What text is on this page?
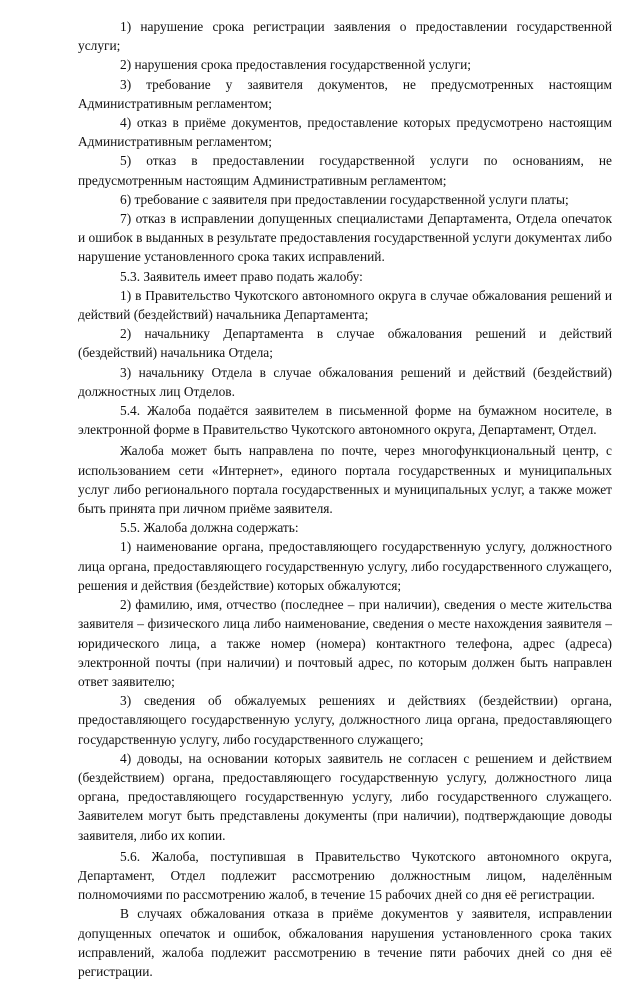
1) нарушение срока регистрации заявления о предоставлении государственной услуги;

2) нарушения срока предоставления государственной услуги;

3) требование у заявителя документов, не предусмотренных настоящим Административным регламентом;

4) отказ в приёме документов, предоставление которых предусмотрено настоящим Административным регламентом;

5) отказ в предоставлении государственной услуги по основаниям, не предусмотренным настоящим Административным регламентом;

6) требование с заявителя при предоставлении государственной услуги платы;

7) отказ в исправлении допущенных специалистами Департамента, Отдела опечаток и ошибок в выданных в результате предоставления государственной услуги документах либо нарушение установленного срока таких исправлений.

5.3. Заявитель имеет право подать жалобу:

1) в Правительство Чукотского автономного округа в случае обжалования решений и действий (бездействий) начальника Департамента;

2) начальнику Департамента в случае обжалования решений и действий (бездействий) начальника Отдела;

3) начальнику Отдела в случае обжалования решений и действий (бездействий) должностных лиц Отделов.

5.4. Жалоба подаётся заявителем в письменной форме на бумажном носителе, в электронной форме в Правительство Чукотского автономного округа, Департамент, Отдел.

Жалоба может быть направлена по почте, через многофункциональный центр, с использованием сети «Интернет», единого портала государственных и муниципальных услуг либо регионального портала государственных и муниципальных услуг, а также может быть принята при личном приёме заявителя.

5.5. Жалоба должна содержать:

1) наименование органа, предоставляющего государственную услугу, должностного лица органа, предоставляющего государственную услугу, либо государственного служащего, решения и действия (бездействие) которых обжалуются;

2) фамилию, имя, отчество (последнее – при наличии), сведения о месте жительства заявителя – физического лица либо наименование, сведения о месте нахождения заявителя – юридического лица, а также номер (номера) контактного телефона, адрес (адреса) электронной почты (при наличии) и почтовый адрес, по которым должен быть направлен ответ заявителю;

3) сведения об обжалуемых решениях и действиях (бездействии) органа, предоставляющего государственную услугу, должностного лица органа, предоставляющего государственную услугу, либо государственного служащего;

4) доводы, на основании которых заявитель не согласен с решением и действием (бездействием) органа, предоставляющего государственную услугу, должностного лица органа, предоставляющего государственную услугу, либо государственного служащего. Заявителем могут быть представлены документы (при наличии), подтверждающие доводы заявителя, либо их копии.

5.6. Жалоба, поступившая в Правительство Чукотского автономного округа, Департамент, Отдел подлежит рассмотрению должностным лицом, наделённым полномочиями по рассмотрению жалоб, в течение 15 рабочих дней со дня её регистрации.

В случаях обжалования отказа в приёме документов у заявителя, исправлении допущенных опечаток и ошибок, обжалования нарушения установленного срока таких исправлений, жалоба подлежит рассмотрению в течение пяти рабочих дней со дня её регистрации.
